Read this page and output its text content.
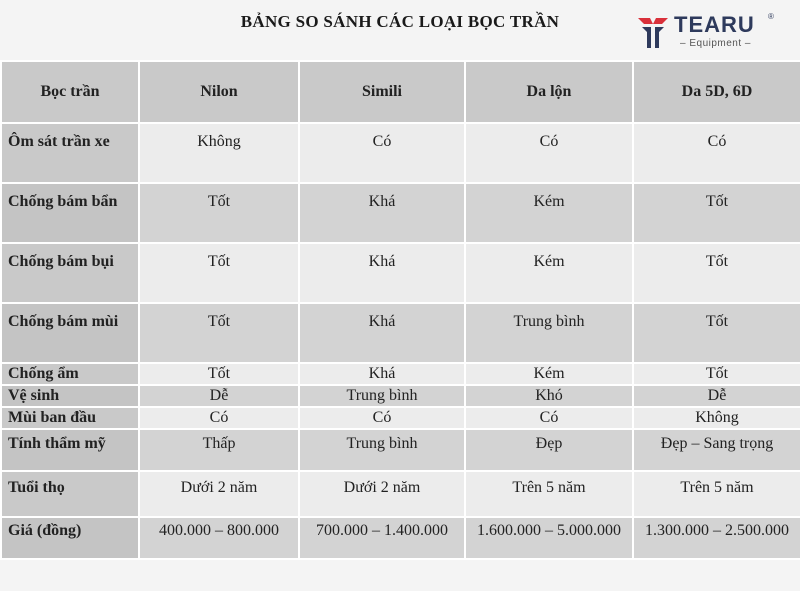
BẢNG SO SÁNH CÁC LOẠI BỌC TRẦN	TEARU ®
– Equipment –
Bọc trần	Nilon	Simili	Da lộn	Da 5D, 6D
Ôm sát trần xe	Không	Có	Có	Có
Chống bám bẩn	Tốt	Khá	Kém	Tốt
Chống bám bụi	Tốt	Khá	Kém	Tốt
Chống bám mùi	Tốt	Khá	Trung bình	Tốt
Chống ẩm	Tốt	Khá	Kém	Tốt
Vệ sinh	Dễ	Trung bình	Khó	Dễ
Mùi ban đầu	Có	Có	Có	Không
Tính thẩm mỹ	Thấp	Trung bình	Đẹp	Đẹp – Sang trọng
Tuổi thọ	Dưới 2 năm	Dưới 2 năm	Trên 5 năm	Trên 5 năm
Giá (đồng)	400.000 – 800.000	700.000 – 1.400.000	1.600.000 – 5.000.000	1.300.000 – 2.500.000
